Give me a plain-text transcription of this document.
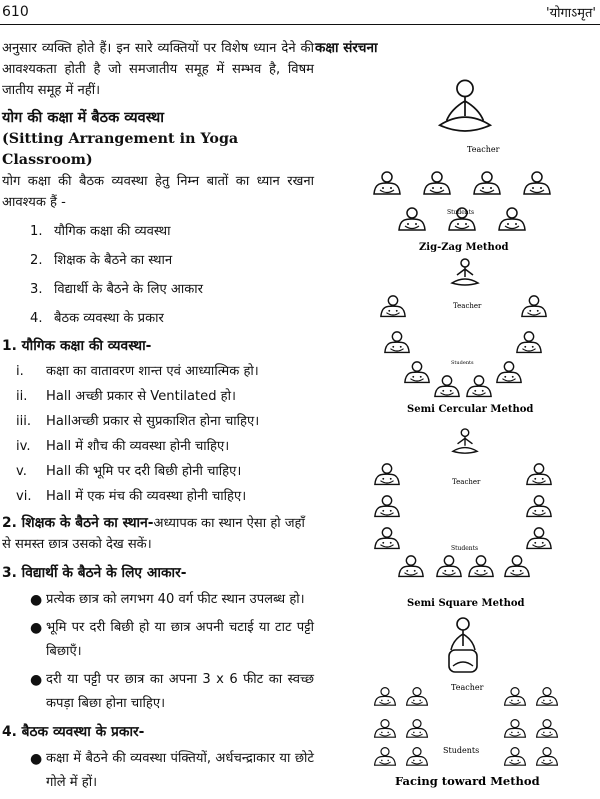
610	'योगाऽमृत'

अनुसार व्यक्ति होते हैं। इन सारे व्यक्तियों पर विशेष ध्यान देने की आवश्यकता होती है जो समजातीय समूह में सम्भव है, विषम जातीय समूह में नहीं।

योग की कक्षा में बैठक व्यवस्था

(Sitting Arrangement in Yoga Classroom)

योग कक्षा की बैठक व्यवस्था हेतु निम्न बातों का ध्यान रखना आवश्यक हैं -

1. यौगिक कक्षा की व्यवस्था
2. शिक्षक के बैठने का स्थान
3. विद्यार्थी के बैठने के लिए आकार
4. बैठक व्यवस्था के प्रकार

1. यौगिक कक्षा की व्यवस्था-

i. कक्षा का वातावरण शान्त एवं आध्यात्मिक हो।
ii. Hall अच्छी प्रकार से Ventilated हो।
iii. Hallअच्छी प्रकार से सुप्रकाशित होना चाहिए।
iv. Hall में शौच की व्यवस्था होनी चाहिए।
v. Hall की भूमि पर दरी बिछी होनी चाहिए।
vi. Hall में एक मंच की व्यवस्था होनी चाहिए।

2. शिक्षक के बैठने का स्थान-अध्यापक का स्थान ऐसा हो जहाँ से समस्त छात्र उसको देख सकें।

3. विद्यार्थी के बैठने के लिए आकार-

● प्रत्येक छात्र को लगभग 40 वर्ग फीट स्थान उपलब्ध हो।
● भूमि पर दरी बिछी हो या छात्र अपनी चटाई या टाट पट्टी बिछाएँ।
● दरी या पट्टी पर छात्र का अपना 3 x 6 फीट का स्वच्छ कपड़ा बिछा होना चाहिए।

4. बैठक व्यवस्था के प्रकार-

● कक्षा में बैठने की व्यवस्था पंक्तियों, अर्धचन्द्राकार या छोटे गोले में हों।
कक्षा संरचना
Teacher
Students
Zig-Zag Method
Teacher
Students
Semi Cercular Method
Teacher
Students
Semi Square Method
Teacher
Students
Facing toward Method
